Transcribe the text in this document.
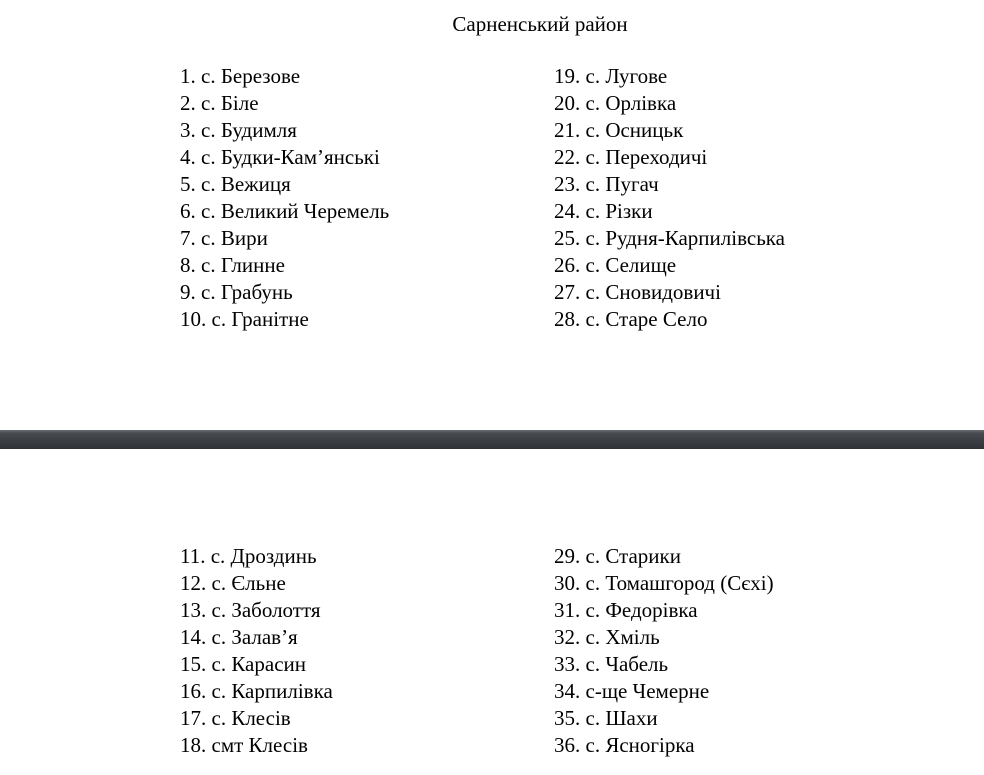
Сарненський район
1. с. Березове
2. с. Біле
3. с. Будимля
4. с. Будки-Кам’янські
5. с. Вежиця
6. с. Великий Черемель
7. с. Вири
8. с. Глинне
9. с. Грабунь
10. с. Гранітне
19. с. Лугове
20. с. Орлівка
21. с. Осницьк
22. с. Переходичі
23. с. Пугач
24. с. Різки
25. с. Рудня-Карпилівська
26. с. Селище
27. с. Сновидовичі
28. с. Старе Село
11. с. Дроздинь
12. с. Єльне
13. с. Заболоття
14. с. Залав’я
15. с. Карасин
16. с. Карпилівка
17. с. Клесів
18. смт Клесів
29. с. Старики
30. с. Томашгород (Сєхі)
31. с. Федорівка
32. с. Хміль
33. с. Чабель
34. с-ще Чемерне
35. с. Шахи
36. с. Ясногірка
